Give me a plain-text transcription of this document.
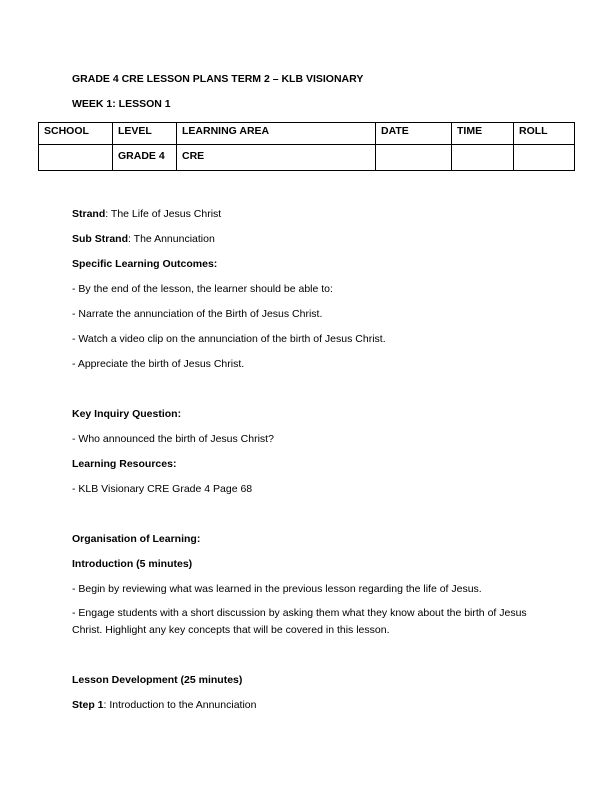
GRADE 4 CRE LESSON PLANS TERM 2 – KLB VISIONARY

WEEK 1: LESSON 1

SCHOOL	LEVEL	LEARNING AREA	DATE	TIME	ROLL
	GRADE 4	CRE			

Strand: The Life of Jesus Christ

Sub Strand: The Annunciation

Specific Learning Outcomes:

- By the end of the lesson, the learner should be able to:

- Narrate the annunciation of the Birth of Jesus Christ.

- Watch a video clip on the annunciation of the birth of Jesus Christ.

- Appreciate the birth of Jesus Christ.

Key Inquiry Question:

- Who announced the birth of Jesus Christ?

Learning Resources:

- KLB Visionary CRE Grade 4 Page 68

Organisation of Learning:

Introduction (5 minutes)

- Begin by reviewing what was learned in the previous lesson regarding the life of Jesus.

- Engage students with a short discussion by asking them what they know about the birth of Jesus Christ. Highlight any key concepts that will be covered in this lesson.

Lesson Development (25 minutes)

Step 1: Introduction to the Annunciation
